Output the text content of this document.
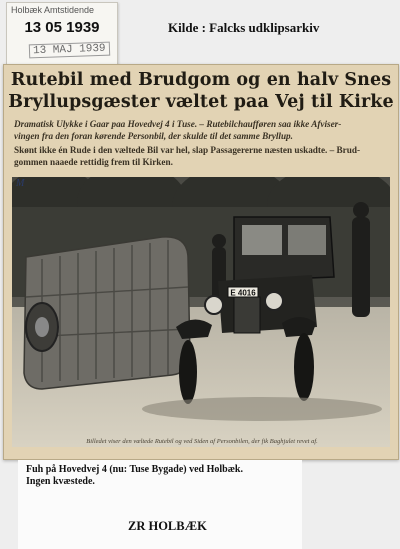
Holbæk Amtstidende
13 05 1939
13 MAJ 1939
Kilde : Falcks udklipsarkiv
Rutebil med Brudgom og en halv Snes
Bryllupsgæster væltet paa Vej til Kirke
Dramatisk Ulykke i Gaar paa Hovedvej 4 i Tuse. – Rutebilchaufføren saa ikke Afviser-
vingen fra den foran kørende Personbil, der skulde til det samme Bryllup.
Skønt ikke én Rude i den væltede Bil var hel, slap Passagererne næsten uskadte. – Brud-
gommen naaede rettidig frem til Kirken.
E 4016
Billedet viser den væltede Rutebil og ved Siden af Personbilen, der fik Baghjulet revet af.
M
Fuh på Hovedvej 4 (nu: Tuse Bygade) ved Holbæk.
Ingen kvæstede.
ZR HOLBÆK
